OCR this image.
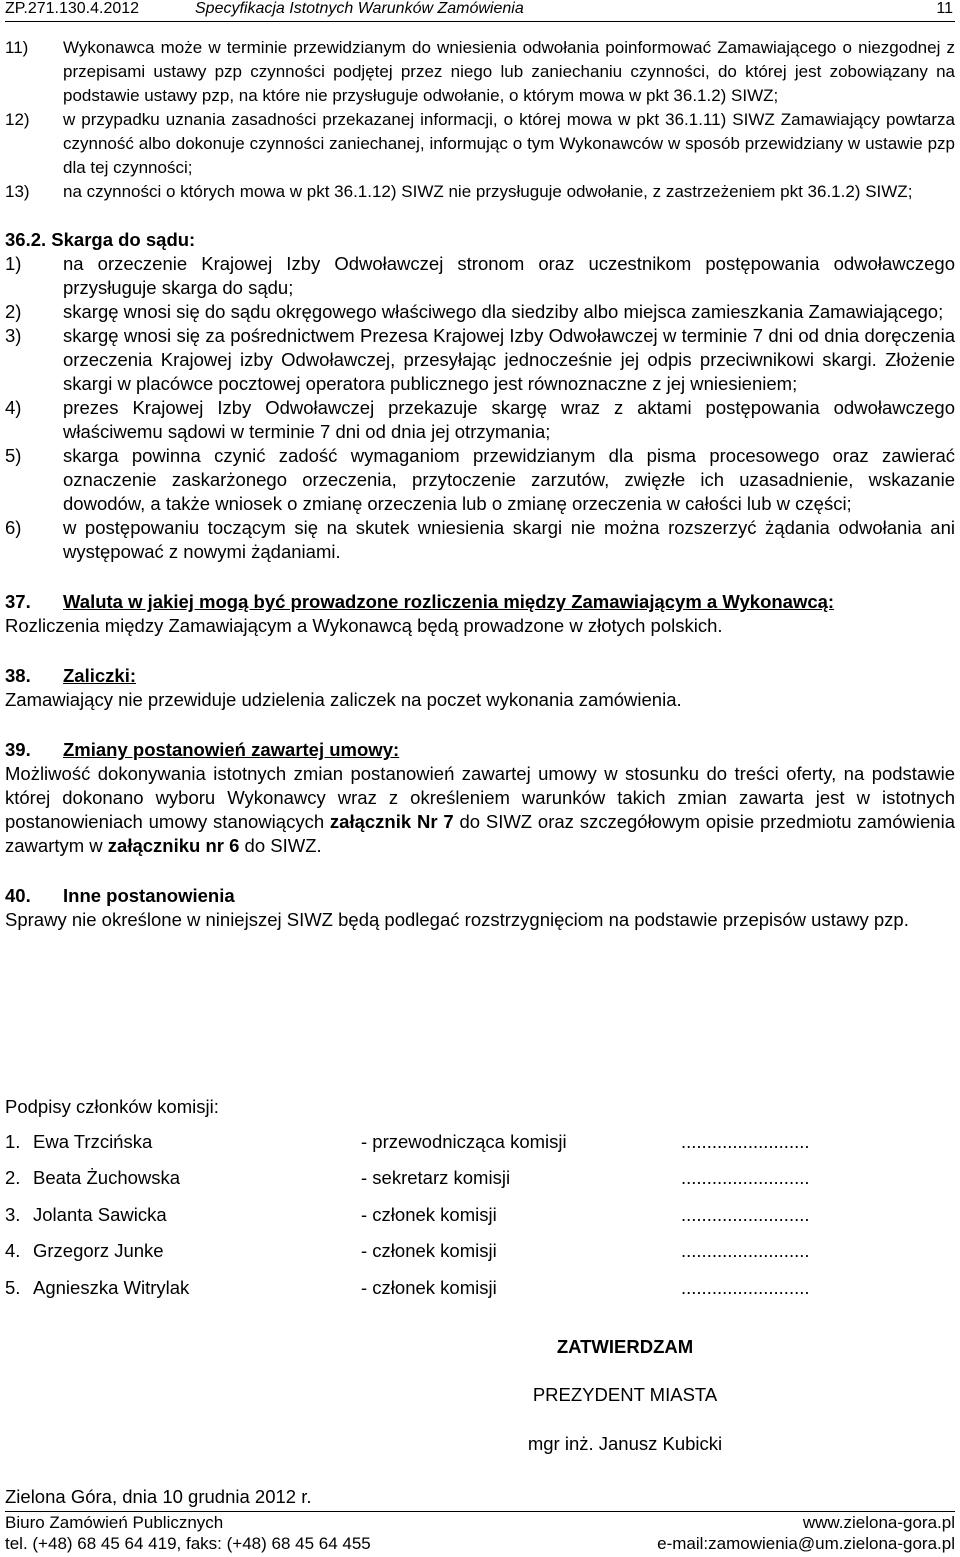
ZP.271.130.4.2012	Specyfikacja Istotnych Warunków Zamówienia	11
11)	Wykonawca może w terminie przewidzianym do wniesienia odwołania poinformować Zamawiającego o niezgodnej z przepisami ustawy pzp czynności podjętej przez niego lub zaniechaniu czynności, do której jest zobowiązany na podstawie ustawy pzp, na które nie przysługuje odwołanie, o którym mowa w pkt 36.1.2) SIWZ;
12)	w przypadku uznania zasadności przekazanej informacji, o której mowa w pkt 36.1.11) SIWZ Zamawiający powtarza czynność albo dokonuje czynności zaniechanej, informując o tym Wykonawców w sposób przewidziany w ustawie pzp dla tej czynności;
13)	na czynności o których mowa w pkt 36.1.12) SIWZ nie przysługuje odwołanie, z zastrzeżeniem pkt 36.1.2) SIWZ;
36.2. Skarga do sądu:
1)	na orzeczenie Krajowej Izby Odwoławczej stronom oraz uczestnikom postępowania odwoławczego przysługuje skarga do sądu;
2)	skargę wnosi się do sądu okręgowego właściwego dla siedziby albo miejsca zamieszkania Zamawiającego;
3)	skargę wnosi się za pośrednictwem Prezesa Krajowej Izby Odwoławczej w terminie 7 dni od dnia doręczenia orzeczenia Krajowej izby Odwoławczej, przesyłając jednocześnie jej odpis przeciwnikowi skargi. Złożenie skargi w placówce pocztowej operatora publicznego jest równoznaczne z jej wniesieniem;
4)	prezes Krajowej Izby Odwoławczej przekazuje skargę wraz z aktami postępowania odwoławczego właściwemu sądowi w terminie 7 dni od dnia jej otrzymania;
5)	skarga powinna czynić zadość wymaganiom przewidzianym dla pisma procesowego oraz zawierać oznaczenie zaskarżonego orzeczenia, przytoczenie zarzutów, zwięzłe ich uzasadnienie, wskazanie dowodów, a także wniosek o zmianę orzeczenia lub o zmianę orzeczenia w całości lub w części;
6)	w postępowaniu toczącym się na skutek wniesienia skargi nie można rozszerzyć żądania odwołania ani występować z nowymi żądaniami.
37.	Waluta w jakiej mogą być prowadzone rozliczenia między Zamawiającym a Wykonawcą:
Rozliczenia między Zamawiającym a Wykonawcą będą prowadzone w złotych polskich.
38.	Zaliczki:
Zamawiający nie przewiduje udzielenia zaliczek na poczet wykonania zamówienia.
39.	Zmiany postanowień zawartej umowy:
Możliwość dokonywania istotnych zmian postanowień zawartej umowy w stosunku do treści oferty, na podstawie której dokonano wyboru Wykonawcy wraz z określeniem warunków takich zmian zawarta jest w istotnych postanowieniach umowy stanowiących załącznik Nr 7 do SIWZ oraz szczegółowym opisie przedmiotu zamówienia zawartym w załączniku nr 6 do SIWZ.
40.	Inne postanowienia
Sprawy nie określone w niniejszej SIWZ będą podlegać rozstrzygnięciom na podstawie przepisów ustawy pzp.
Podpisy członków komisji:
1. Ewa Trzcińska	- przewodnicząca komisji	.........................
2. Beata Żuchowska	- sekretarz komisji	.........................
3. Jolanta Sawicka	- członek komisji	.........................
4. Grzegorz Junke	- członek komisji	.........................
5. Agnieszka Witrylak	- członek komisji	.........................
ZATWIERDZAM
PREZYDENT MIASTA
mgr inż. Janusz Kubicki
Zielona Góra, dnia 10 grudnia 2012 r.
Biuro Zamówień Publicznych
tel. (+48) 68 45 64 419, faks: (+48) 68 45 64 455
www.zielona-gora.pl
e-mail:zamowienia@um.zielona-gora.pl
